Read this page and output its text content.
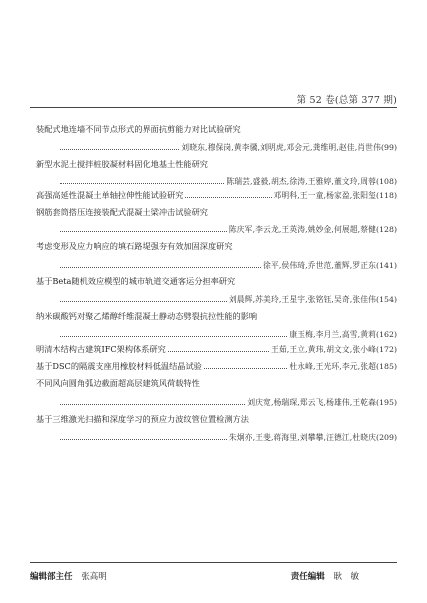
第 52 卷(总第 377 期)
装配式地连墙不同节点形式的界面抗剪能力对比试验研究
刘晓东,穆保岗,黄李骥,刘明虎,邓会元,龚维明,赵佳,肖世伟 (99)
新型水泥土搅拌桩胶凝材料固化地基土性能研究
陈瑞芸,盛毅,胡杰,徐涛,王雅婷,董文玲,周蓉 (108)
高强高延性混凝土单轴拉伸性能试验研究	邓明科,王一童,杨家盈,张阳玺 (118)
钢筋套筒搭压连接装配式混凝土梁冲击试验研究
陈庆军,李云龙,王英涛,姚妙金,何展超,蔡健 (128)
考虑变形及应力响应的填石路堤强夯有效加固深度研究
徐平,侯伟琦,乔世范,董辉,罗正东 (141)
基于Beta随机效应模型的城市轨道交通客运分担率研究
刘晨辉,苏美玲,王星宇,张铭钰,吴奇,张佳伟 (154)
纳米碳酸钙对聚乙烯醇纤维混凝土静动态劈裂抗拉性能的影响
康玉梅,李月兰,高雪,黄莉 (162)
明清木结构古建筑IFC架构体系研究	王茹,王立,黄玮,胡文文,张小峰 (172)
基于DSC的隔震支座用橡胶材料低温结晶试验	杜永峰,王光环,李元,张超 (185)
不同风向圆角弧边截面超高层建筑风荷载特性
刘庆宽,杨瑞琛,郑云飞,杨雄伟,王乾森 (195)
基于三维激光扫描和深度学习的预应力波纹管位置检测方法
朱炯亦,王斐,蒋海里,刘攀攀,汪德江,杜晓庆 (209)
编辑部主任 张高明	责任编辑 耿　敏
